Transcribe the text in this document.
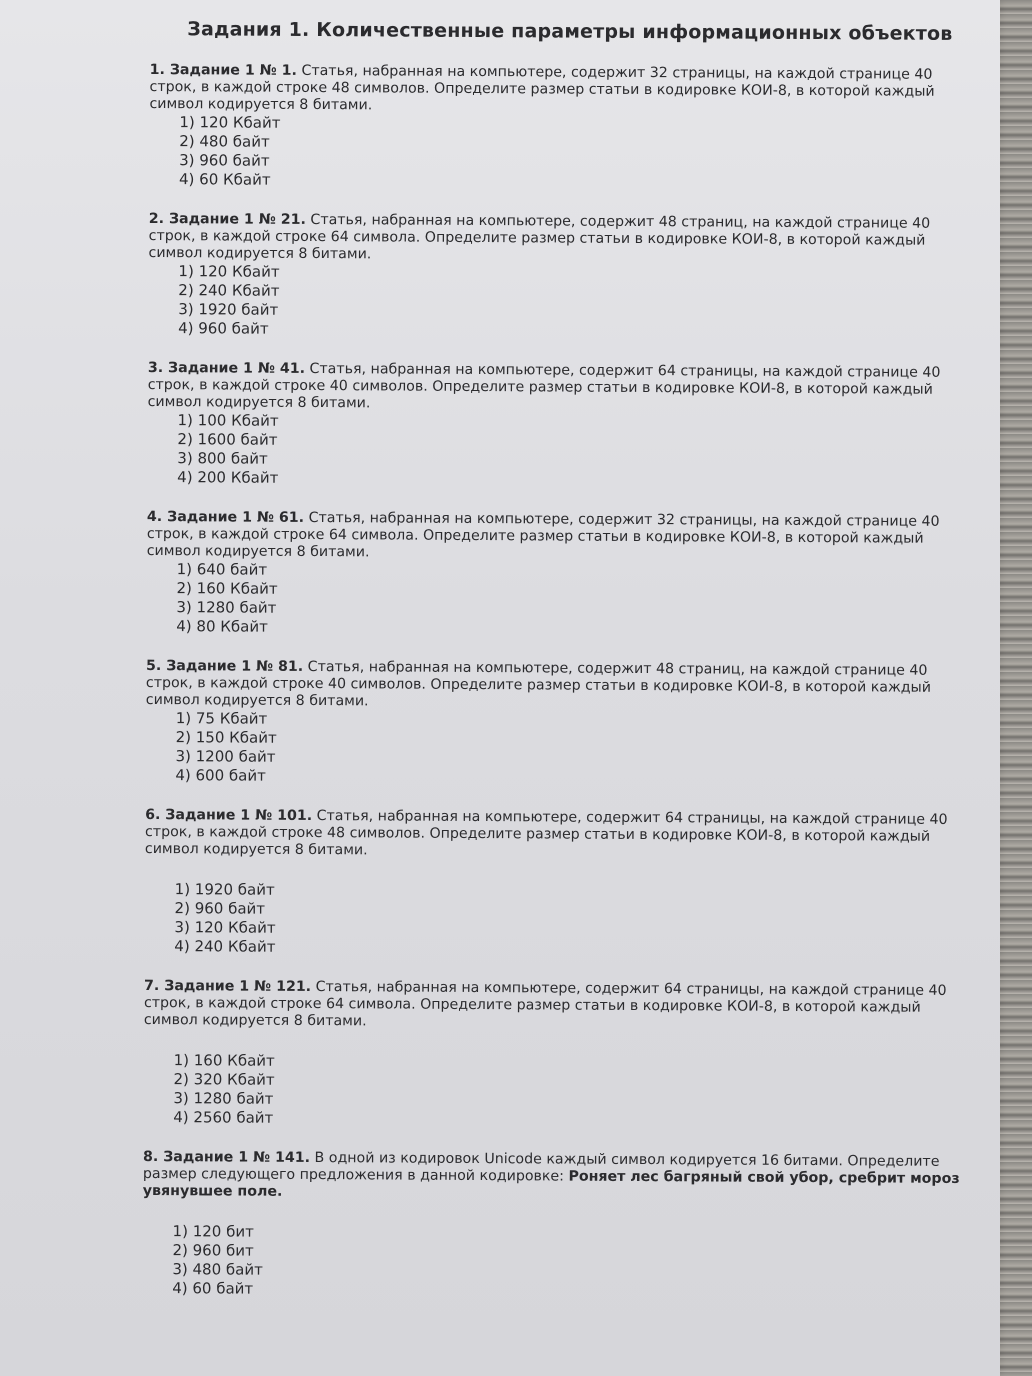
Задания 1. Количественные параметры информационных объектов
1. Задание 1 № 1. Статья, набранная на компьютере, содержит 32 страницы, на каждой странице 40 строк, в каждой строке 48 символов. Определите размер статьи в кодировке КОИ-8, в которой каждый символ кодируется 8 битами.
1) 120 Кбайт
2) 480 байт
3) 960 байт
4) 60 Кбайт
2. Задание 1 № 21. Статья, набранная на компьютере, содержит 48 страниц, на каждой странице 40 строк, в каждой строке 64 символа. Определите размер статьи в кодировке КОИ-8, в которой каждый символ кодируется 8 битами.
1) 120 Кбайт
2) 240 Кбайт
3) 1920 байт
4) 960 байт
3. Задание 1 № 41. Статья, набранная на компьютере, содержит 64 страницы, на каждой странице 40 строк, в каждой строке 40 символов. Определите размер статьи в кодировке КОИ-8, в которой каждый символ кодируется 8 битами.
1) 100 Кбайт
2) 1600 байт
3) 800 байт
4) 200 Кбайт
4. Задание 1 № 61. Статья, набранная на компьютере, содержит 32 страницы, на каждой странице 40 строк, в каждой строке 64 символа. Определите размер статьи в кодировке КОИ-8, в которой каждый символ кодируется 8 битами.
1) 640 байт
2) 160 Кбайт
3) 1280 байт
4) 80 Кбайт
5. Задание 1 № 81. Статья, набранная на компьютере, содержит 48 страниц, на каждой странице 40 строк, в каждой строке 40 символов. Определите размер статьи в кодировке КОИ-8, в которой каждый символ кодируется 8 битами.
1) 75 Кбайт
2) 150 Кбайт
3) 1200 байт
4) 600 байт
6. Задание 1 № 101. Статья, набранная на компьютере, содержит 64 страницы, на каждой странице 40 строк, в каждой строке 48 символов. Определите размер статьи в кодировке КОИ-8, в которой каждый символ кодируется 8 битами.
1) 1920 байт
2) 960 байт
3) 120 Кбайт
4) 240 Кбайт
7. Задание 1 № 121. Статья, набранная на компьютере, содержит 64 страницы, на каждой странице 40 строк, в каждой строке 64 символа. Определите размер статьи в кодировке КОИ-8, в которой каждый символ кодируется 8 битами.
1) 160 Кбайт
2) 320 Кбайт
3) 1280 байт
4) 2560 байт
8. Задание 1 № 141. В одной из кодировок Unicode каждый символ кодируется 16 битами. Определите размер следующего предложения в данной кодировке: Роняет лес багряный свой убор, сребрит мороз увянувшее поле.
1) 120 бит
2) 960 бит
3) 480 байт
4) 60 байт
